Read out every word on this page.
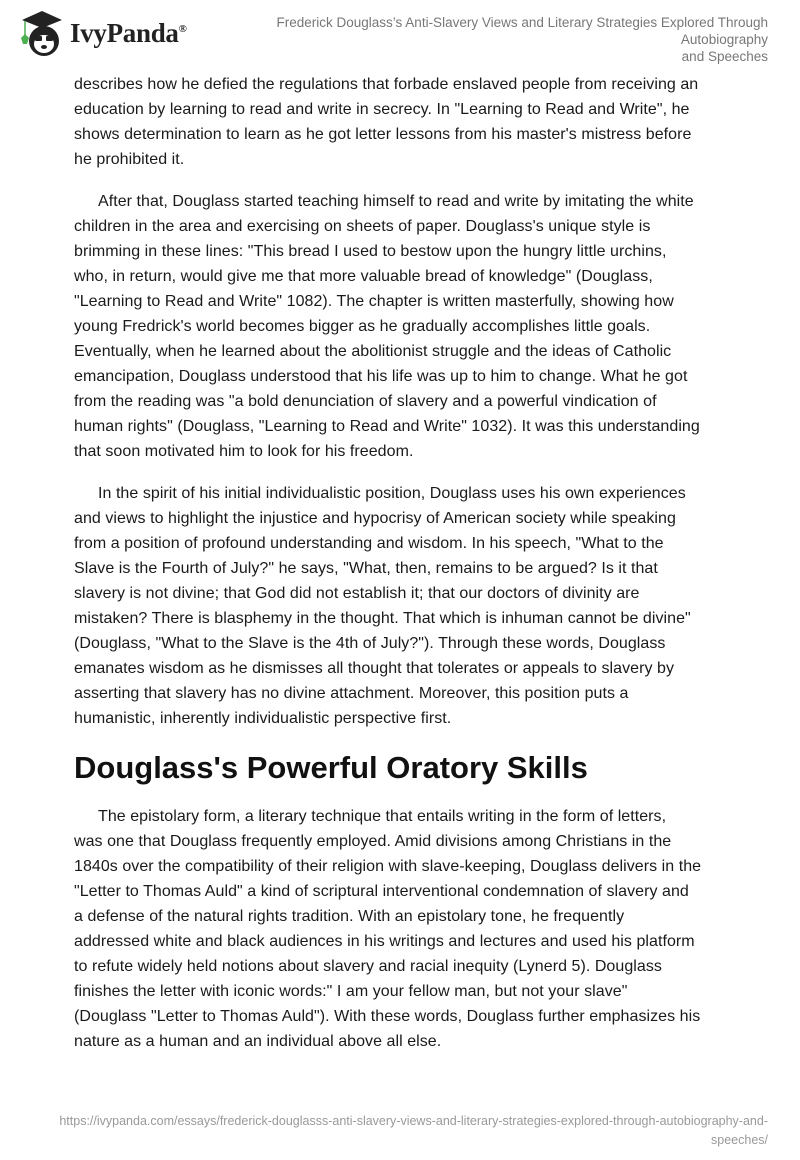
IvyPanda®	Frederick Douglass’s Anti-Slavery Views and Literary Strategies Explored Through Autobiography
and Speeches

describes how he defied the regulations that forbade enslaved people from receiving an
education by learning to read and write in secrecy. In "Learning to Read and Write", he
shows determination to learn as he got letter lessons from his master's mistress before
he prohibited it.

After that, Douglass started teaching himself to read and write by imitating the white
children in the area and exercising on sheets of paper. Douglass's unique style is
brimming in these lines: "This bread I used to bestow upon the hungry little urchins,
who, in return, would give me that more valuable bread of knowledge" (Douglass,
"Learning to Read and Write" 1082). The chapter is written masterfully, showing how
young Fredrick's world becomes bigger as he gradually accomplishes little goals.
Eventually, when he learned about the abolitionist struggle and the ideas of Catholic
emancipation, Douglass understood that his life was up to him to change. What he got
from the reading was "a bold denunciation of slavery and a powerful vindication of
human rights" (Douglass, "Learning to Read and Write" 1032). It was this understanding
that soon motivated him to look for his freedom.

In the spirit of his initial individualistic position, Douglass uses his own experiences
and views to highlight the injustice and hypocrisy of American society while speaking
from a position of profound understanding and wisdom. In his speech, "What to the
Slave is the Fourth of July?" he says, "What, then, remains to be argued? Is it that
slavery is not divine; that God did not establish it; that our doctors of divinity are
mistaken? There is blasphemy in the thought. That which is inhuman cannot be divine"
(Douglass, "What to the Slave is the 4th of July?"). Through these words, Douglass
emanates wisdom as he dismisses all thought that tolerates or appeals to slavery by
asserting that slavery has no divine attachment. Moreover, this position puts a
humanistic, inherently individualistic perspective first.

Douglass's Powerful Oratory Skills

The epistolary form, a literary technique that entails writing in the form of letters,
was one that Douglass frequently employed. Amid divisions among Christians in the
1840s over the compatibility of their religion with slave-keeping, Douglass delivers in the
"Letter to Thomas Auld" a kind of scriptural interventional condemnation of slavery and
a defense of the natural rights tradition. With an epistolary tone, he frequently
addressed white and black audiences in his writings and lectures and used his platform
to refute widely held notions about slavery and racial inequity (Lynerd 5). Douglass
finishes the letter with iconic words:" I am your fellow man, but not your slave"
(Douglass "Letter to Thomas Auld"). With these words, Douglass further emphasizes his
nature as a human and an individual above all else.

https://ivypanda.com/essays/frederick-douglasss-anti-slavery-views-and-literary-strategies-explored-through-autobiography-and-
speeches/
